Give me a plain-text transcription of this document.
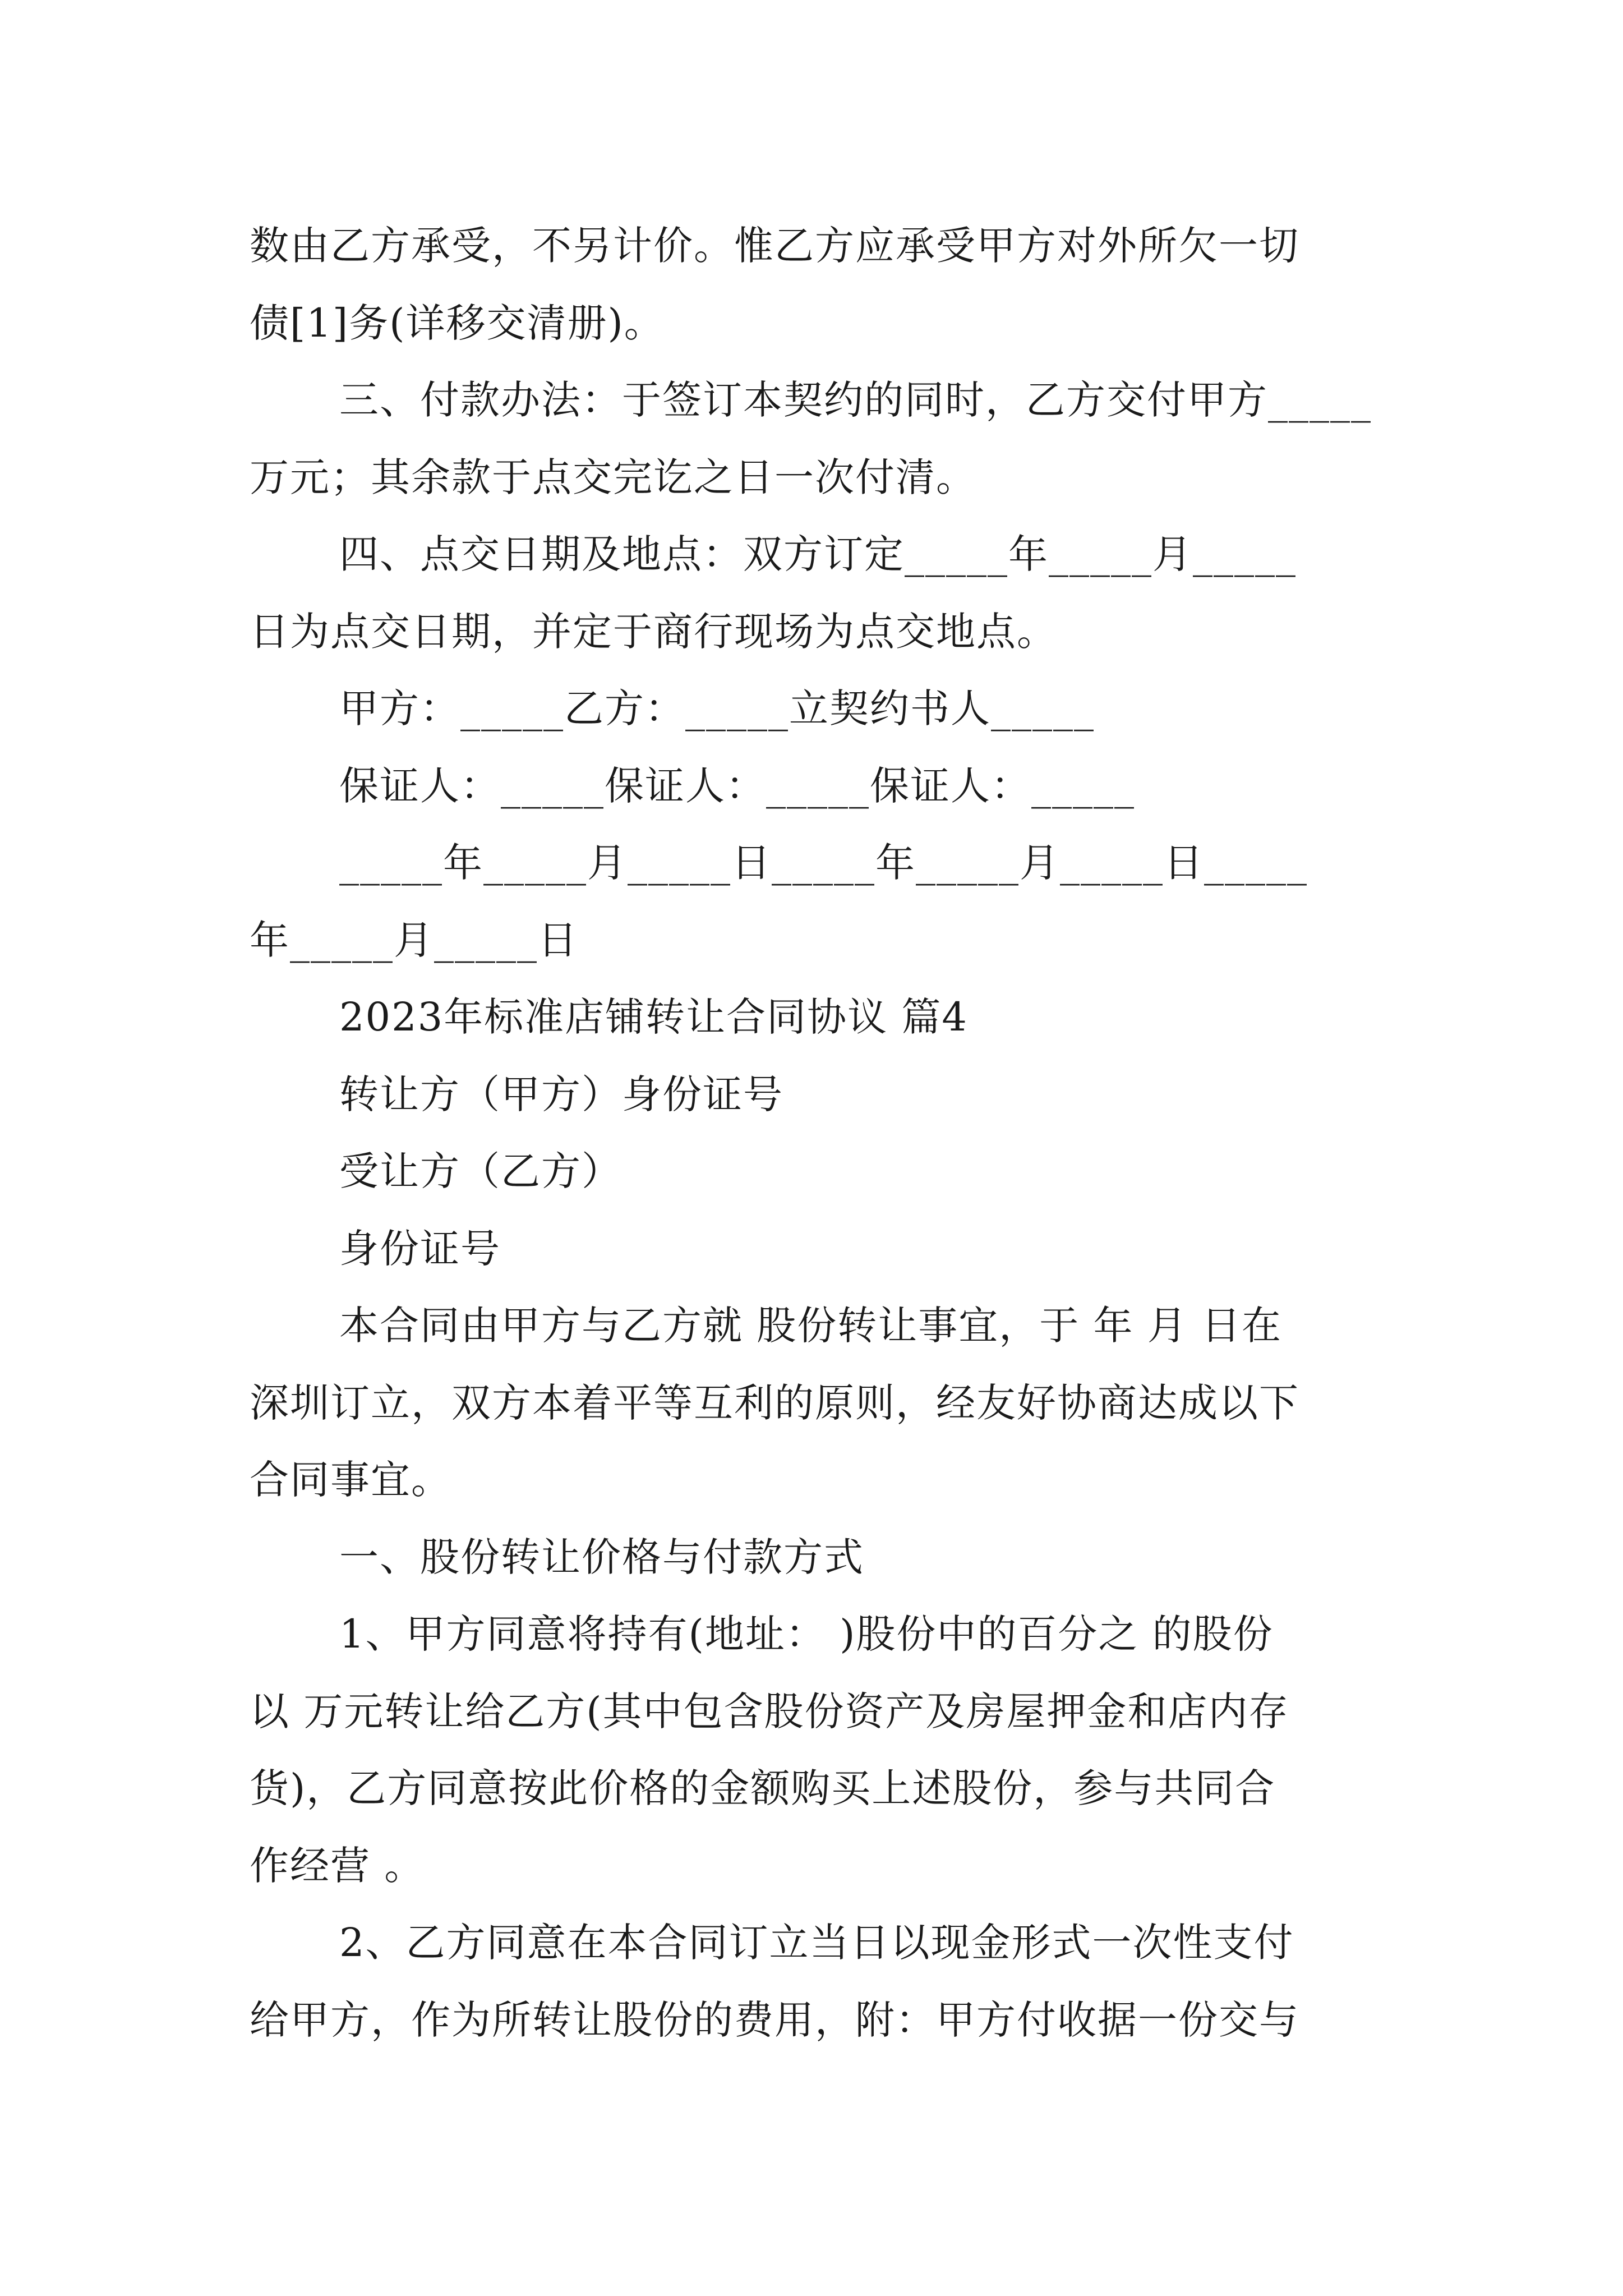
数由乙方承受，不另计价。惟乙方应承受甲方对外所欠一切
债[1]务(详移交清册)。
三、付款办法：于签订本契约的同时，乙方交付甲方_____
万元；其余款于点交完讫之日一次付清。
四、点交日期及地点：双方订定_____年_____月_____
日为点交日期，并定于商行现场为点交地点。
甲方：_____乙方：_____立契约书人_____
保证人：_____保证人：_____保证人：_____
_____年_____月_____日_____年_____月_____日_____
年_____月_____日
2023年标准店铺转让合同协议 篇4
转让方（甲方）身份证号
受让方（乙方）
身份证号
本合同由甲方与乙方就 股份转让事宜，于 年 月 日在
深圳订立，双方本着平等互利的原则，经友好协商达成以下
合同事宜。
一、股份转让价格与付款方式
1、甲方同意将持有(地址： )股份中的百分之 的股份
以 万元转让给乙方(其中包含股份资产及房屋押金和店内存
货)，乙方同意按此价格的金额购买上述股份，参与共同合
作经营 。
2、乙方同意在本合同订立当日以现金形式一次性支付
给甲方，作为所转让股份的费用，附：甲方付收据一份交与
